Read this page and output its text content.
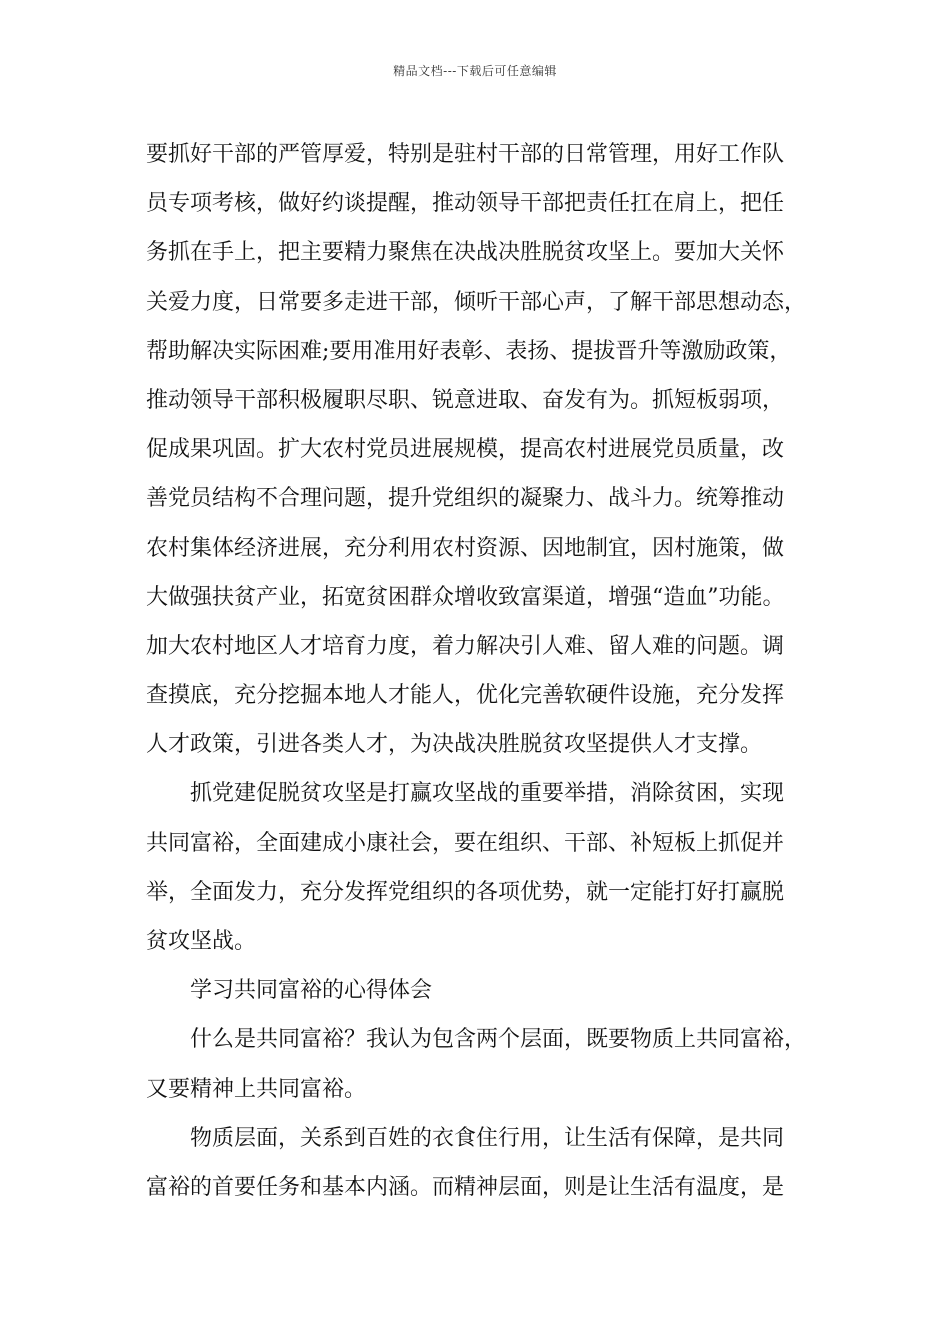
精品文档---下载后可任意编辑
要抓好干部的严管厚爱，特别是驻村干部的日常管理，用好工作队
员专项考核，做好约谈提醒，推动领导干部把责任扛在肩上，把任
务抓在手上，把主要精力聚焦在决战决胜脱贫攻坚上。要加大关怀
关爱力度，日常要多走进干部，倾听干部心声，了解干部思想动态，
帮助解决实际困难;要用准用好表彰、表扬、提拔晋升等激励政策，
推动领导干部积极履职尽职、锐意进取、奋发有为。抓短板弱项，
促成果巩固。扩大农村党员进展规模，提高农村进展党员质量，改
善党员结构不合理问题，提升党组织的凝聚力、战斗力。统筹推动
农村集体经济进展，充分利用农村资源、因地制宜，因村施策，做
大做强扶贫产业，拓宽贫困群众增收致富渠道，增强“造血”功能。
加大农村地区人才培育力度，着力解决引人难、留人难的问题。调
查摸底，充分挖掘本地人才能人，优化完善软硬件设施，充分发挥
人才政策，引进各类人才，为决战决胜脱贫攻坚提供人才支撑。
抓党建促脱贫攻坚是打赢攻坚战的重要举措，消除贫困，实现
共同富裕，全面建成小康社会，要在组织、干部、补短板上抓促并
举，全面发力，充分发挥党组织的各项优势，就一定能打好打赢脱
贫攻坚战。
学习共同富裕的心得体会
什么是共同富裕？我认为包含两个层面，既要物质上共同富裕，
又要精神上共同富裕。
物质层面，关系到百姓的衣食住行用，让生活有保障，是共同
富裕的首要任务和基本内涵。而精神层面，则是让生活有温度，是
